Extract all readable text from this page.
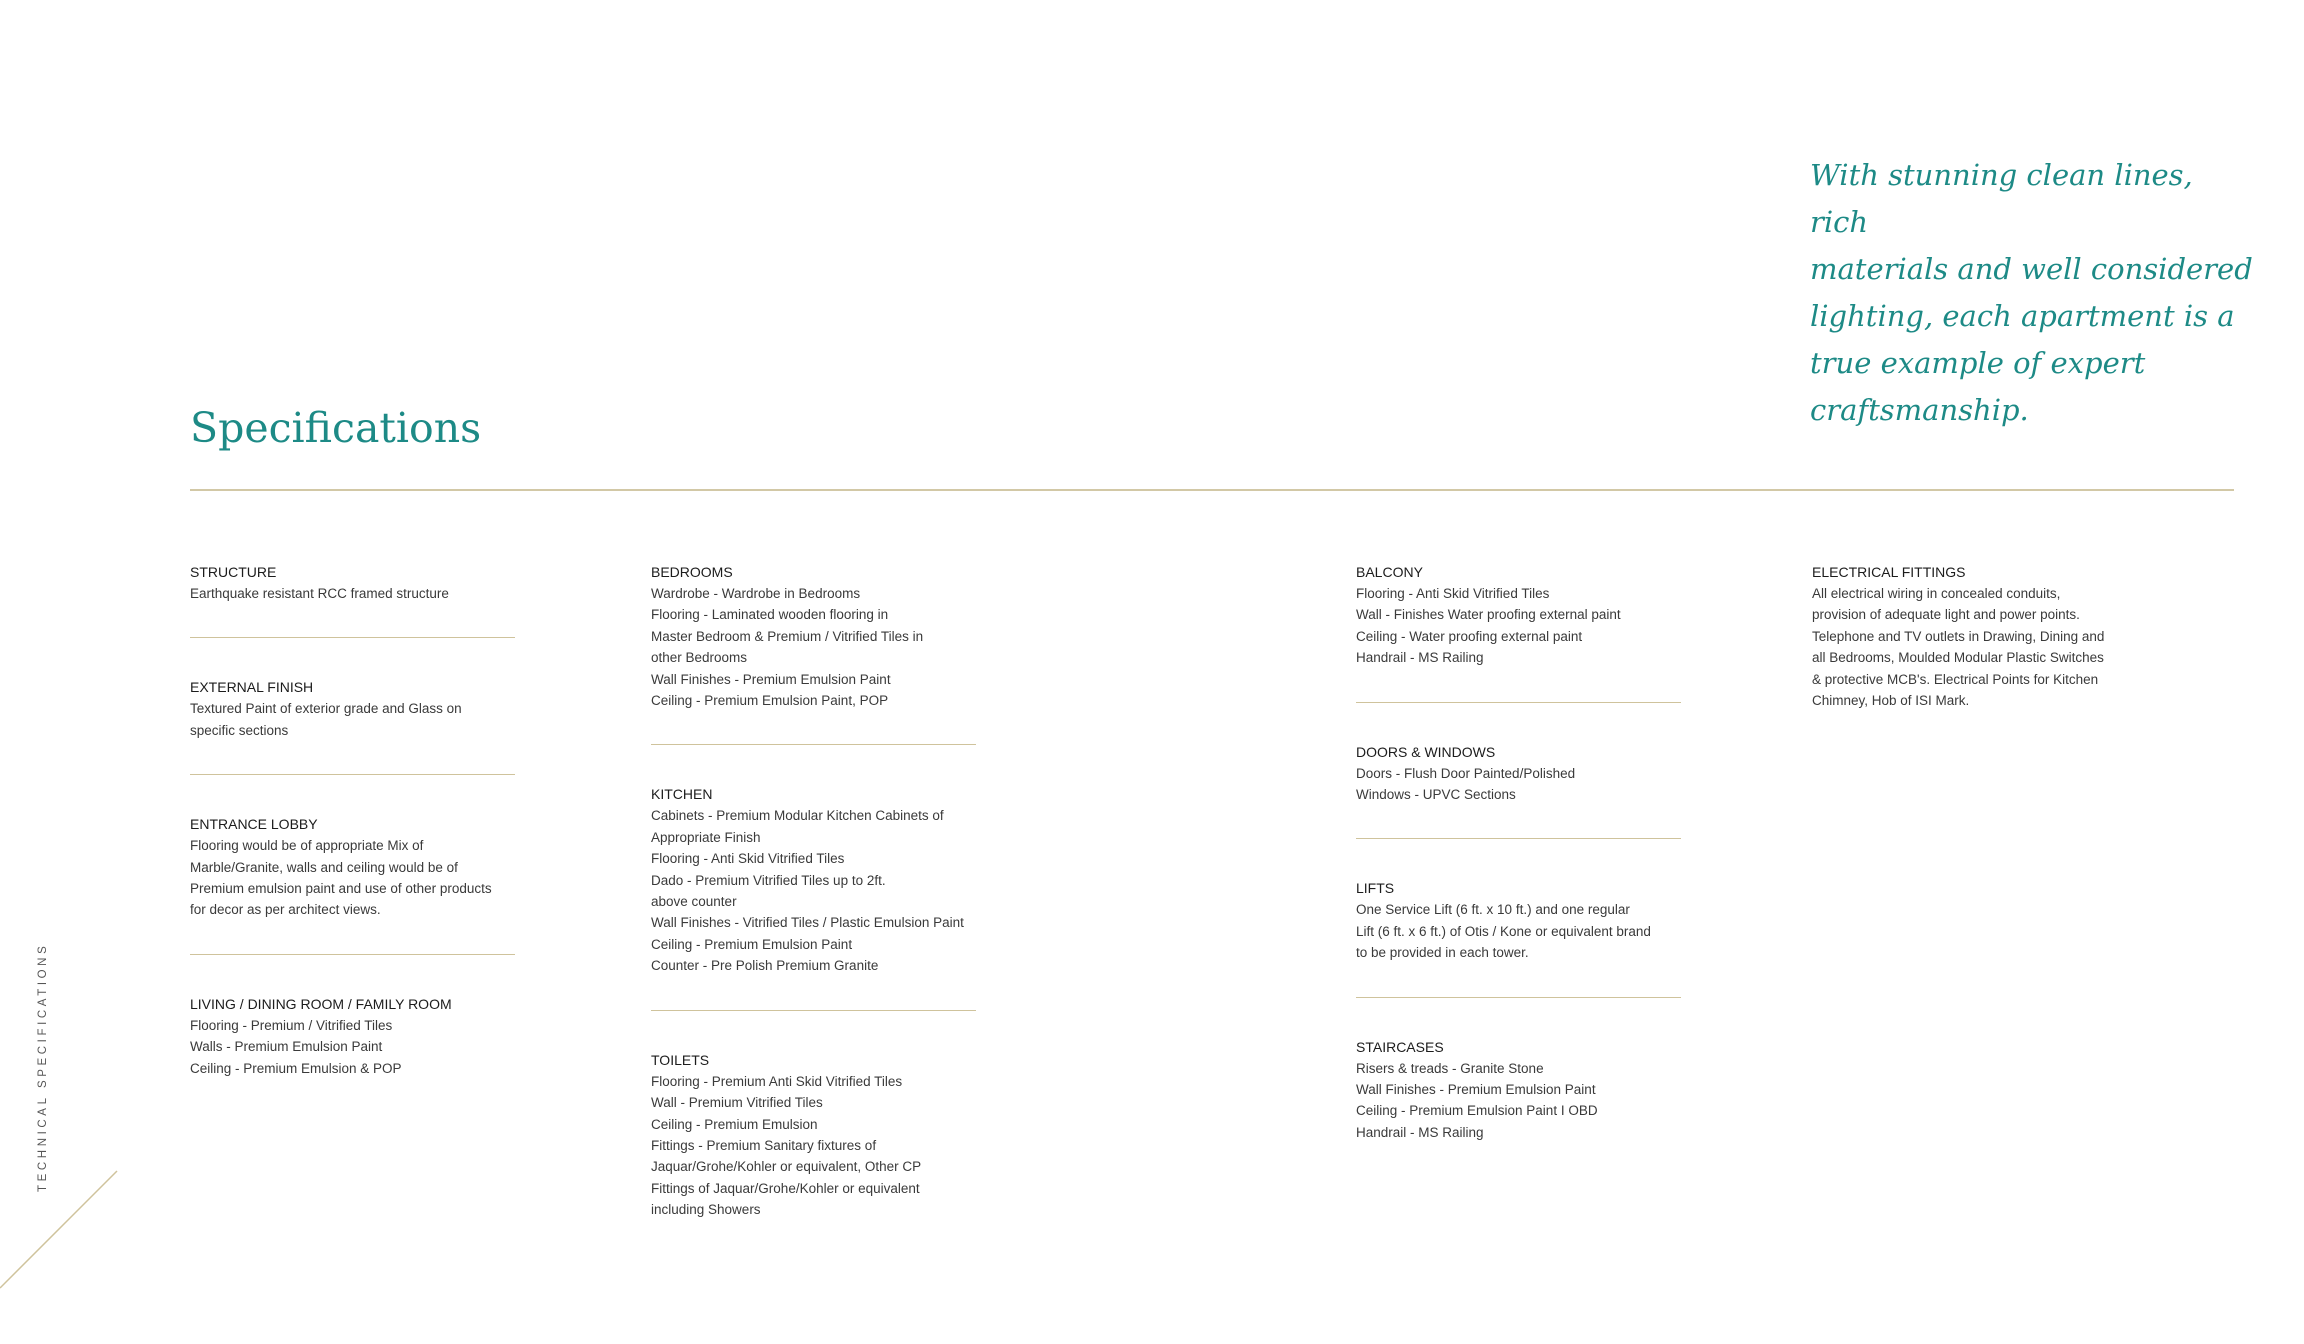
With stunning clean lines, rich
materials and well considered
lighting, each apartment is a
true example of expert
craftsmanship.
Specifications
STRUCTURE
Earthquake resistant RCC framed structure
EXTERNAL FINISH
Textured Paint of exterior grade and Glass on
specific sections
ENTRANCE LOBBY
Flooring would be of appropriate Mix of
Marble/Granite, walls and ceiling would be of
Premium emulsion paint and use of other products
for decor as per architect views.
LIVING / DINING ROOM / FAMILY ROOM
Flooring - Premium / Vitrified Tiles
Walls - Premium Emulsion Paint
Ceiling - Premium Emulsion & POP
BEDROOMS
Wardrobe - Wardrobe in Bedrooms
Flooring - Laminated wooden flooring in
Master Bedroom & Premium / Vitrified Tiles in
other Bedrooms
Wall Finishes - Premium Emulsion Paint
Ceiling - Premium Emulsion Paint, POP
KITCHEN
Cabinets - Premium Modular Kitchen Cabinets of
Appropriate Finish
Flooring - Anti Skid Vitrified Tiles
Dado - Premium Vitrified Tiles up to 2ft.
above counter
Wall Finishes - Vitrified Tiles / Plastic Emulsion Paint
Ceiling - Premium Emulsion Paint
Counter - Pre Polish Premium Granite
TOILETS
Flooring - Premium Anti Skid Vitrified Tiles
Wall - Premium Vitrified Tiles
Ceiling - Premium Emulsion
Fittings - Premium Sanitary fixtures of
Jaquar/Grohe/Kohler or equivalent, Other CP
Fittings of Jaquar/Grohe/Kohler or equivalent
including Showers
BALCONY
Flooring - Anti Skid Vitrified Tiles
Wall - Finishes Water proofing external paint
Ceiling - Water proofing external paint
Handrail - MS Railing
DOORS & WINDOWS
Doors - Flush Door Painted/Polished
Windows - UPVC Sections
LIFTS
One Service Lift (6 ft. x 10 ft.) and one regular
Lift (6 ft. x 6 ft.) of Otis / Kone or equivalent brand
to be provided in each tower.
STAIRCASES
Risers & treads - Granite Stone
Wall Finishes - Premium Emulsion Paint
Ceiling - Premium Emulsion Paint I OBD
Handrail - MS Railing
ELECTRICAL FITTINGS
All electrical wiring in concealed conduits,
provision of adequate light and power points.
Telephone and TV outlets in Drawing, Dining and
all Bedrooms, Moulded Modular Plastic Switches
& protective MCB's. Electrical Points for Kitchen
Chimney, Hob of ISI Mark.
TECHNICAL SPECIFICATIONS
